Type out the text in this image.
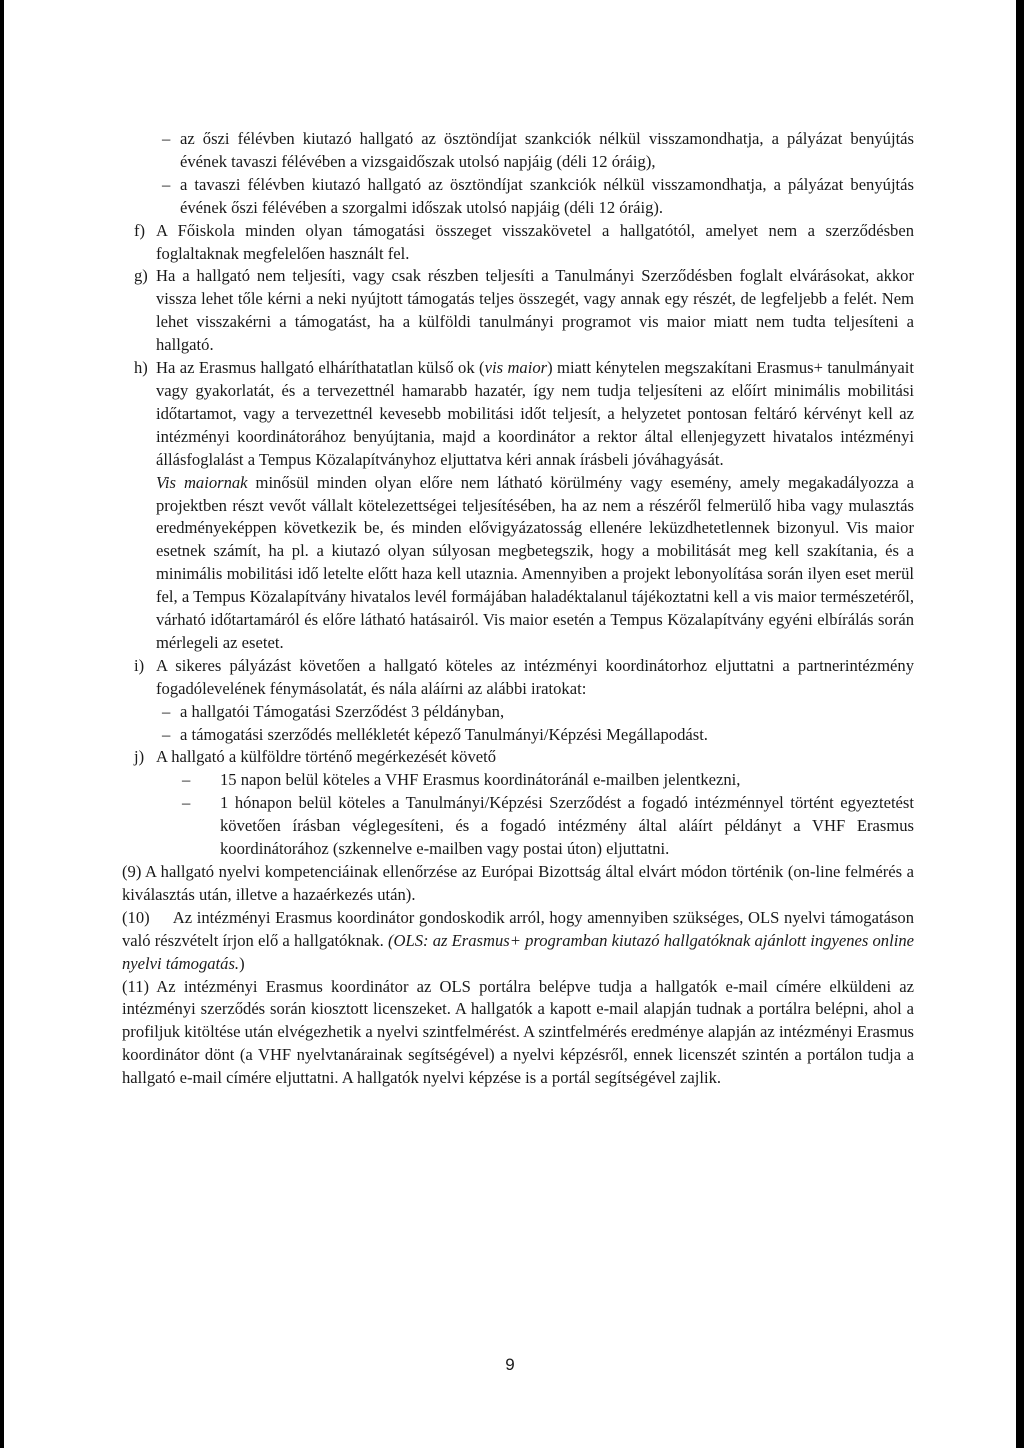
– az őszi félévben kiutazó hallgató az ösztöndíjat szankciók nélkül visszamondhatja, a pályázat benyújtás évének tavaszi félévében a vizsgaidőszak utolsó napjáig (déli 12 óráig),

– a tavaszi félévben kiutazó hallgató az ösztöndíjat szankciók nélkül visszamondhatja, a pályázat benyújtás évének őszi félévében a szorgalmi időszak utolsó napjáig (déli 12 óráig).

f) A Főiskola minden olyan támogatási összeget visszakövetel a hallgatótól, amelyet nem a szerződésben foglaltaknak megfelelően használt fel.

g) Ha a hallgató nem teljesíti, vagy csak részben teljesíti a Tanulmányi Szerződésben foglalt elvárásokat, akkor vissza lehet tőle kérni a neki nyújtott támogatás teljes összegét, vagy annak egy részét, de legfeljebb a felét. Nem lehet visszakérni a támogatást, ha a külföldi tanulmányi programot vis maior miatt nem tudta teljesíteni a hallgató.

h) Ha az Erasmus hallgató elháríthatatlan külső ok (vis maior) miatt kénytelen megszakítani Erasmus+ tanulmányait vagy gyakorlatát, és a tervezettnél hamarabb hazatér, így nem tudja teljesíteni az előírt minimális mobilitási időtartamot, vagy a tervezettnél kevesebb mobilitási időt teljesít, a helyzetet pontosan feltáró kérvényt kell az intézményi koordinátorához benyújtania, majd a koordinátor a rektor által ellenjegyzett hivatalos intézményi állásfoglalást a Tempus Közalapítványhoz eljuttatva kéri annak írásbeli jóváhagyását.

Vis maiornak minősül minden olyan előre nem látható körülmény vagy esemény, amely megakadályozza a projektben részt vevőt vállalt kötelezettségei teljesítésében, ha az nem a részéről felmerülő hiba vagy mulasztás eredményeképpen következik be, és minden elővigyázatosság ellenére leküzdhetetlennek bizonyul. Vis maior esetnek számít, ha pl. a kiutazó olyan súlyosan megbetegszik, hogy a mobilitását meg kell szakítania, és a minimális mobilitási idő letelte előtt haza kell utaznia. Amennyiben a projekt lebonyolítása során ilyen eset merül fel, a Tempus Közalapítvány hivatalos levél formájában haladéktalanul tájékoztatni kell a vis maior természetéről, várható időtartamáról és előre látható hatásairól. Vis maior esetén a Tempus Közalapítvány egyéni elbírálás során mérlegeli az esetet.

i) A sikeres pályázást követően a hallgató köteles az intézményi koordinátorhoz eljuttatni a partnerintézmény fogadólevelének fénymásolatát, és nála aláírni az alábbi iratokat:

– a hallgatói Támogatási Szerződést 3 példányban,

– a támogatási szerződés mellékletét képező Tanulmányi/Képzési Megállapodást.

j) A hallgató a külföldre történő megérkezését követő

– 15 napon belül köteles a VHF Erasmus koordinátoránál e-mailben jelentkezni,

– 1 hónapon belül köteles a Tanulmányi/Képzési Szerződést a fogadó intézménnyel történt egyeztetést követően írásban véglegesíteni, és a fogadó intézmény által aláírt példányt a VHF Erasmus koordinátorához (szkennelve e-mailben vagy postai úton) eljuttatni.

(9) A hallgató nyelvi kompetenciáinak ellenőrzése az Európai Bizottság által elvárt módon történik (on-line felmérés a kiválasztás után, illetve a hazaérkezés után).

(10)     Az intézményi Erasmus koordinátor gondoskodik arról, hogy amennyiben szükséges, OLS nyelvi támogatáson való részvételt írjon elő a hallgatóknak. (OLS: az Erasmus+ programban kiutazó hallgatóknak ajánlott ingyenes online nyelvi támogatás.)

(11) Az intézményi Erasmus koordinátor az OLS portálra belépve tudja a hallgatók e-mail címére elküldeni az intézményi szerződés során kiosztott licenszeket. A hallgatók a kapott e-mail alapján tudnak a portálra belépni, ahol a profiljuk kitöltése után elvégezhetik a nyelvi szintfelmérést. A szintfelmérés eredménye alapján az intézményi Erasmus koordinátor dönt (a VHF nyelvtanárainak segítségével) a nyelvi képzésről, ennek licenszét szintén a portálon tudja a hallgató e-mail címére eljuttatni. A hallgatók nyelvi képzése is a portál segítségével zajlik.

9
